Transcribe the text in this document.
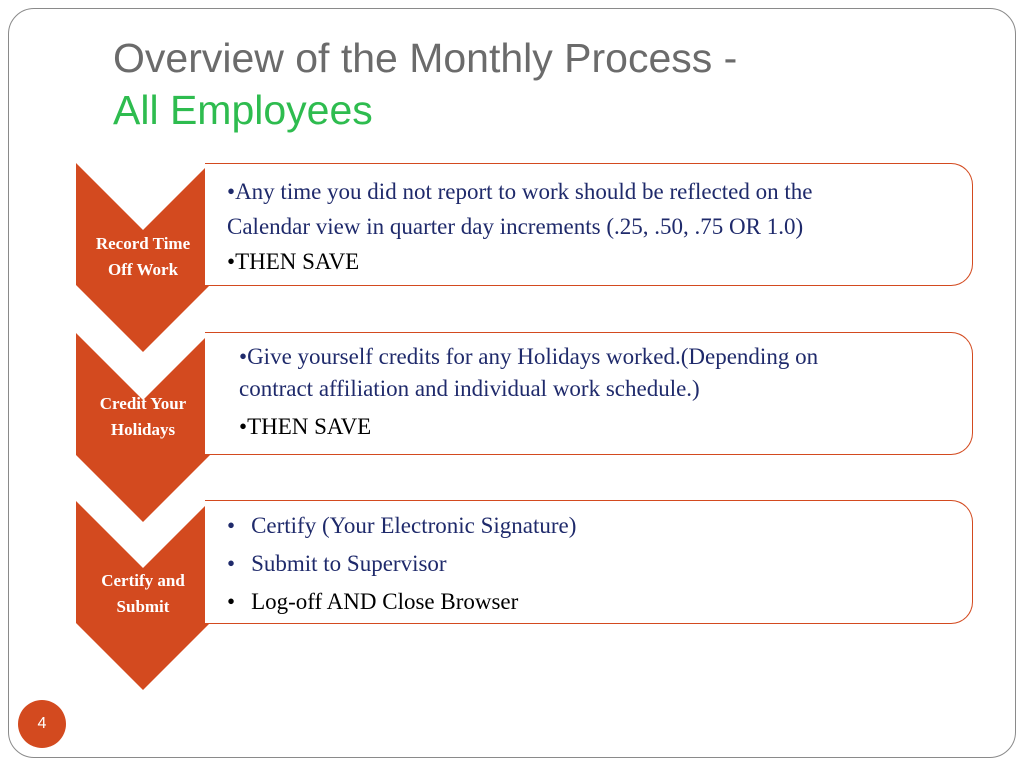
Overview of the Monthly Process -
All Employees
Record Time
Off Work
•Any time you did not report to work should be reflected on the
Calendar view in quarter day increments (.25, .50, .75 OR 1.0)
•THEN SAVE
Credit Your
Holidays
•Give yourself credits for any Holidays worked.(Depending on
contract affiliation and individual work schedule.)
•THEN SAVE
Certify and
Submit
• Certify (Your Electronic Signature)
• Submit to Supervisor
• Log-off AND Close Browser
4
